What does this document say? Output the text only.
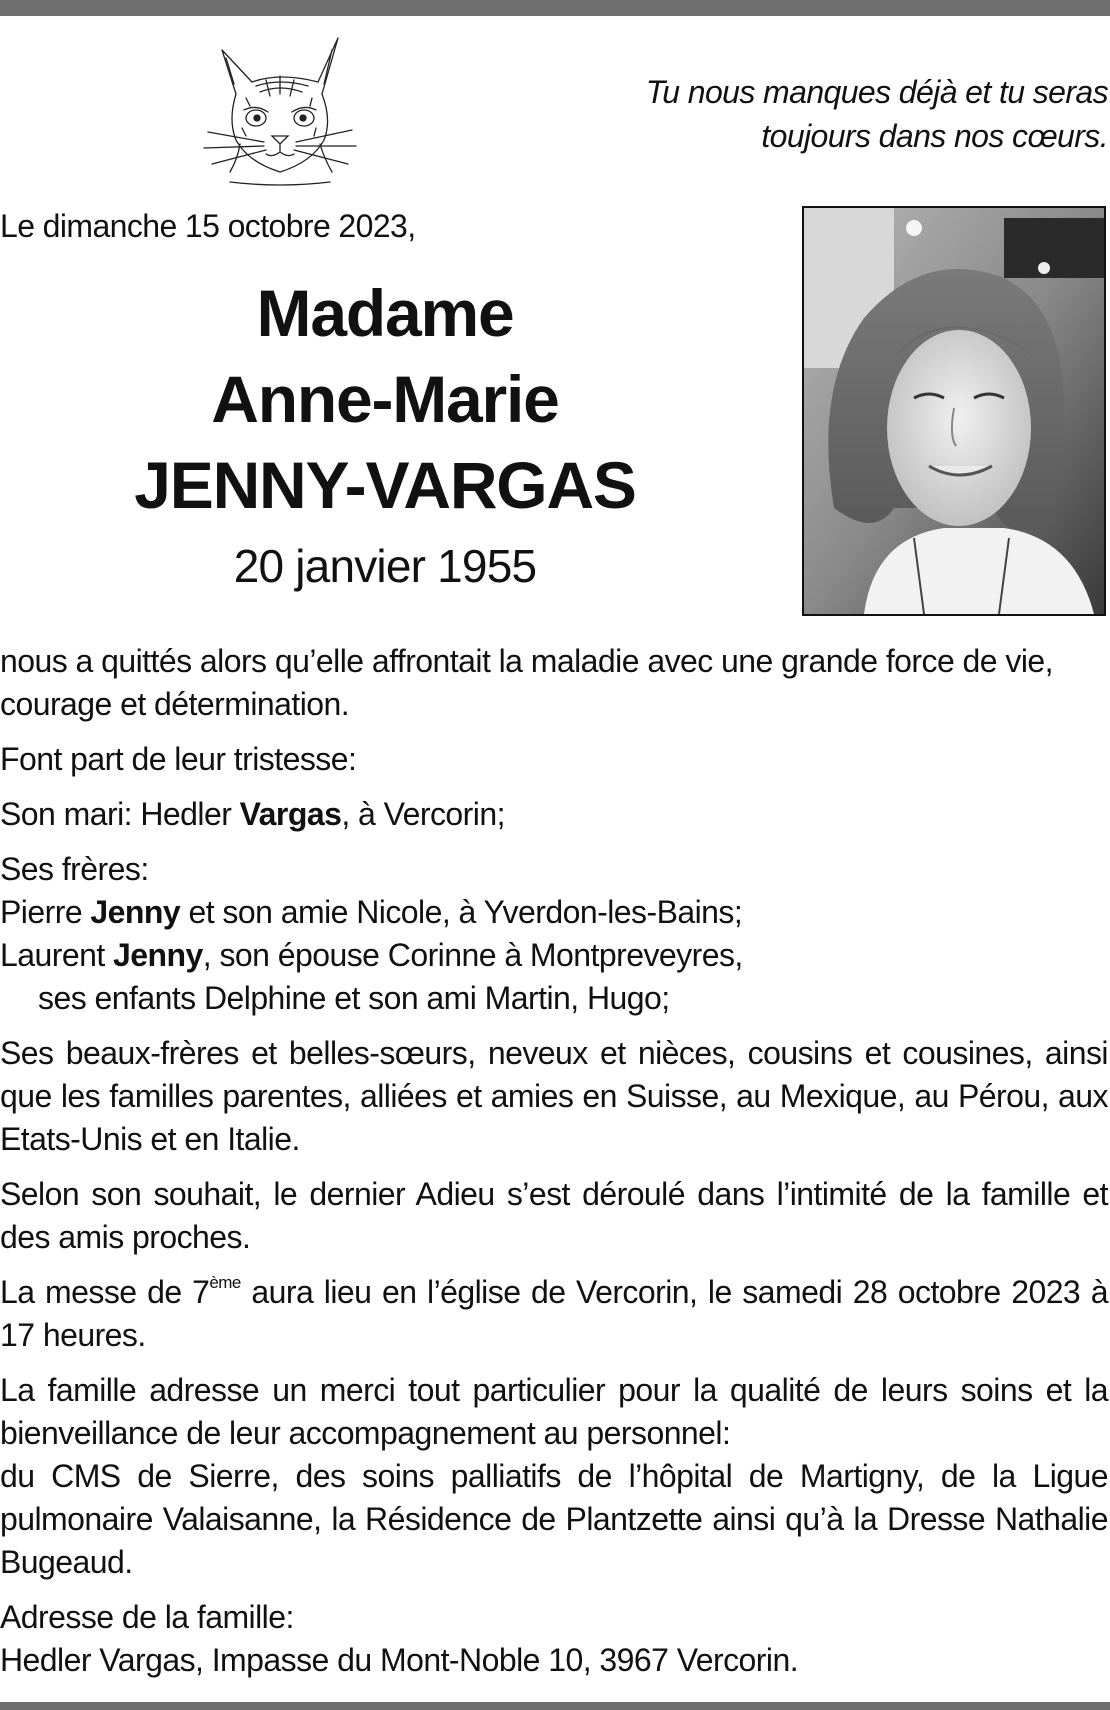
Tu nous manques déjà et tu seras
toujours dans nos cœurs.
Le dimanche 15 octobre 2023,
Madame
Anne-Marie
JENNY-VARGAS
20 janvier 1955

nous a quittés alors qu’elle affrontait la maladie avec une grande force de vie, courage et détermination.

Font part de leur tristesse:

Son mari: Hedler Vargas, à Vercorin;

Ses frères:

Pierre Jenny et son amie Nicole, à Yverdon-les-Bains;

Laurent Jenny, son épouse Corinne à Montpreveyres,

ses enfants Delphine et son ami Martin, Hugo;

Ses beaux-frères et belles-sœurs, neveux et nièces, cousins et cousines, ainsi que les familles parentes, alliées et amies en Suisse, au Mexique, au Pérou, aux Etats-Unis et en Italie.

Selon son souhait, le dernier Adieu s’est déroulé dans l’intimité de la famille et des amis proches.

La messe de 7ème aura lieu en l’église de Vercorin, le samedi 28 octobre 2023 à 17 heures.

La famille adresse un merci tout particulier pour la qualité de leurs soins et la bienveillance de leur accompagnement au personnel:

du CMS de Sierre, des soins palliatifs de l’hôpital de Martigny, de la Ligue pulmonaire Valaisanne, la Résidence de Plantzette ainsi qu’à la Dresse Nathalie Bugeaud.

Adresse de la famille:

Hedler Vargas, Impasse du Mont-Noble 10, 3967 Vercorin.
